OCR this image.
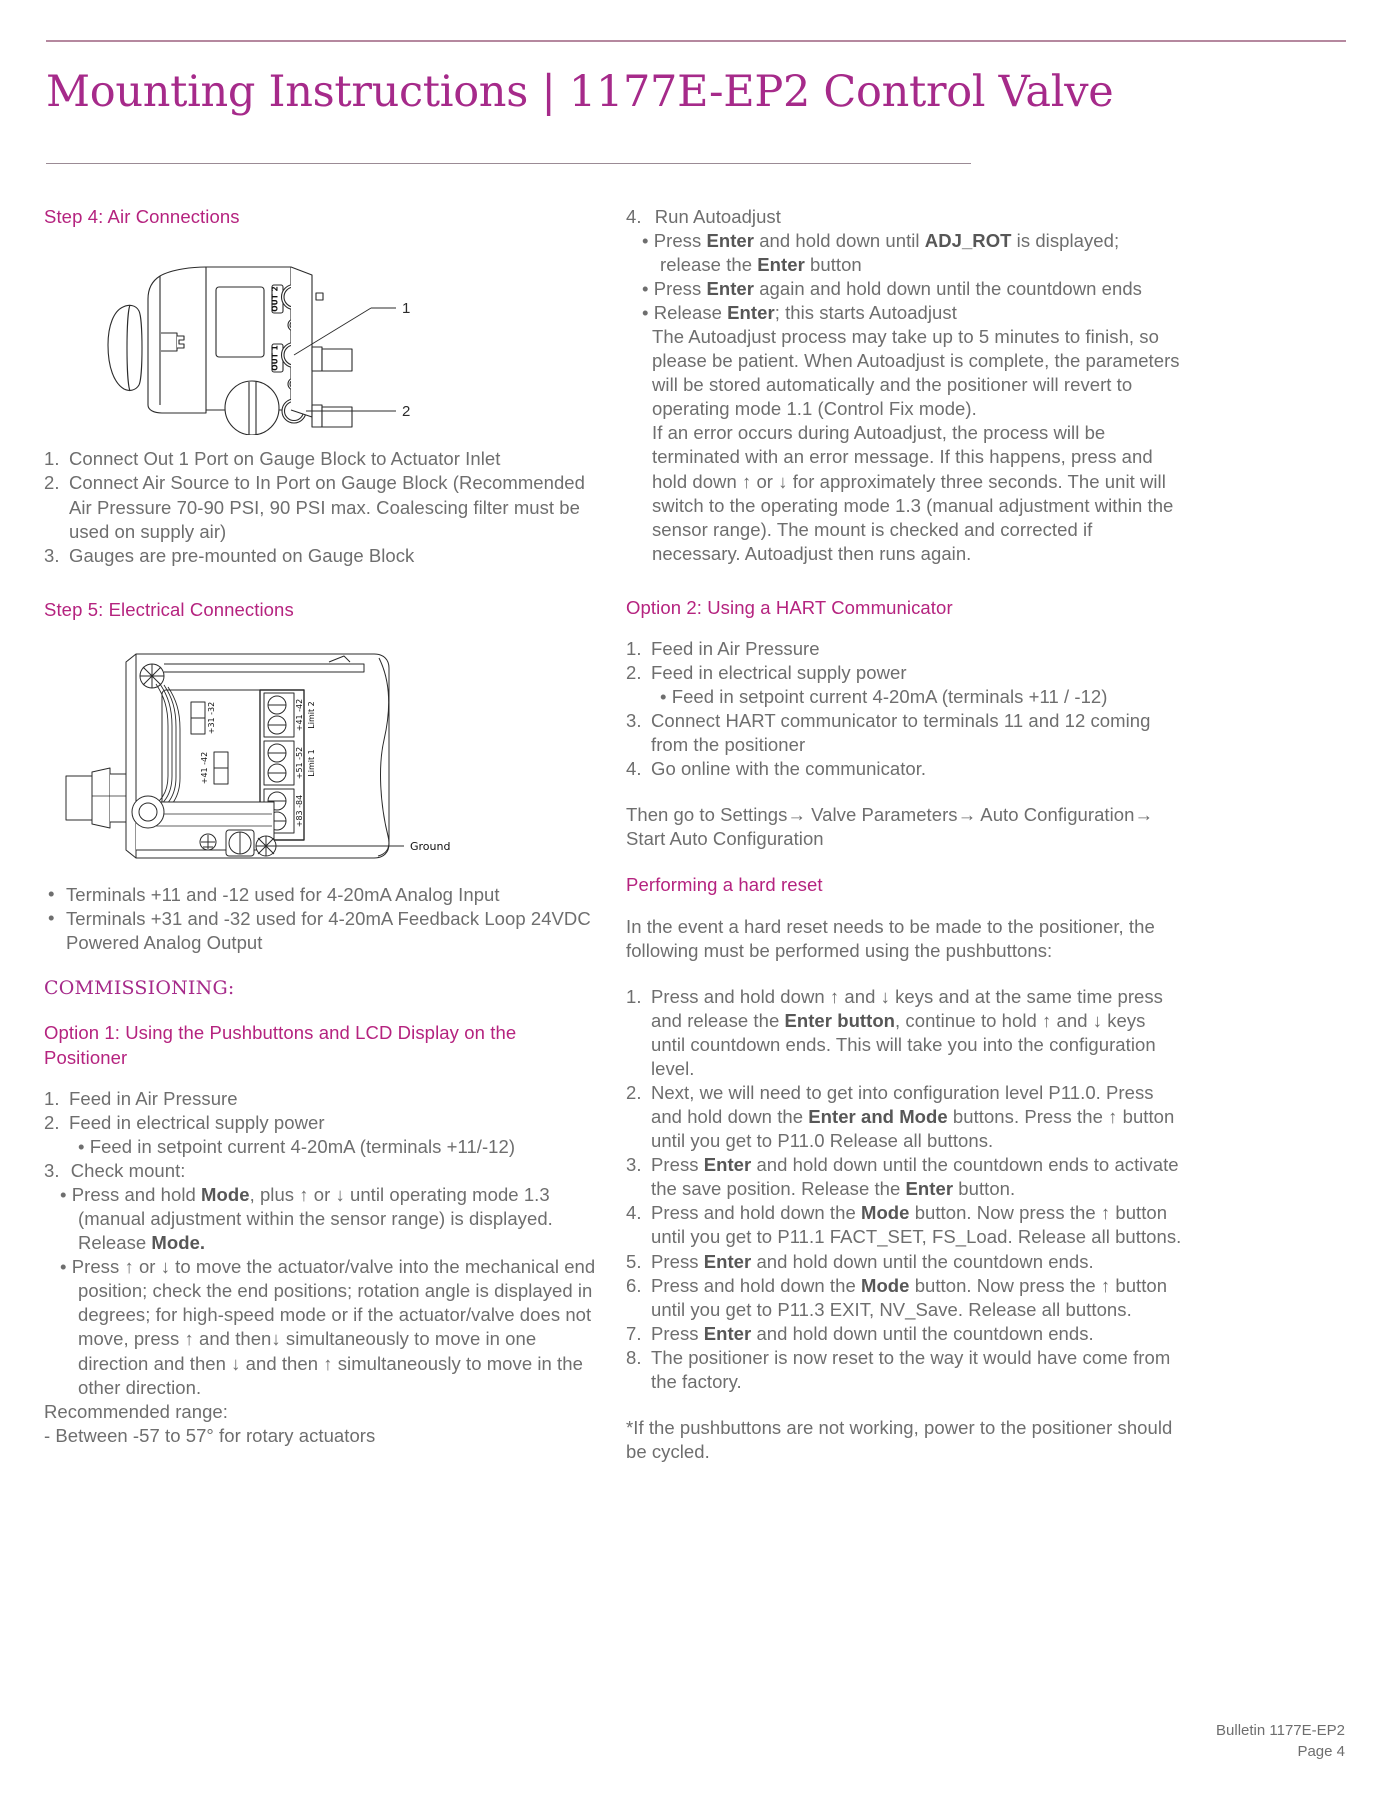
Mounting Instructions | 1177E-EP2 Control Valve
Step 4: Air Connections
OUT 2
OUT 1
1
2
1. Connect Out 1 Port on Gauge Block to Actuator Inlet
2. Connect Air Source to In Port on Gauge Block (Recommended Air Pressure 70-90 PSI, 90 PSI max. Coalescing filter must be used on supply air)
3. Gauges are pre-mounted on Gauge Block
Step 5: Electrical Connections
+31 -32
+41 -42
+41 -42 Limit 2
+51 -52 Limit 1
+83 -84
Ground
• Terminals +11 and -12 used for 4-20mA Analog Input
• Terminals +31 and -32 used for 4-20mA Feedback Loop 24VDC Powered Analog Output
COMMISSIONING:
Option 1: Using the Pushbuttons and LCD Display on the Positioner
1. Feed in Air Pressure
2. Feed in electrical supply power

• Feed in setpoint current 4-20mA (terminals +11/-12)

3. Check mount:

• Press and hold Mode, plus ↑ or ↓ until operating mode 1.3 (manual adjustment within the sensor range) is displayed. Release Mode.

• Press ↑ or ↓ to move the actuator/valve into the mechanical end position; check the end positions; rotation angle is displayed in degrees; for high-speed mode or if the actuator/valve does not move, press ↑ and then↓ simultaneously to move in one direction and then ↓ and then ↑ simultaneously to move in the other direction.

Recommended range:

- Between -57 to 57° for rotary actuators

4. Run Autoadjust

• Press Enter and hold down until ADJ_ROT is displayed; release the Enter button

• Press Enter again and hold down until the countdown ends

• Release Enter; this starts Autoadjust

The Autoadjust process may take up to 5 minutes to finish, so please be patient. When Autoadjust is complete, the parameters will be stored automatically and the positioner will revert to operating mode 1.1 (Control Fix mode).

If an error occurs during Autoadjust, the process will be terminated with an error message. If this happens, press and hold down ↑ or ↓ for approximately three seconds. The unit will switch to the operating mode 1.3 (manual adjustment within the sensor range). The mount is checked and corrected if necessary. Autoadjust then runs again.

Option 2: Using a HART Communicator
1. Feed in Air Pressure
2. Feed in electrical supply power

• Feed in setpoint current 4-20mA (terminals +11 / -12)

3. Connect HART communicator to terminals 11 and 12 coming from the positioner
4. Go online with the communicator.

Then go to Settings→ Valve Parameters→ Auto Configuration→ Start Auto Configuration

Performing a hard reset

In the event a hard reset needs to be made to the positioner, the following must be performed using the pushbuttons:

1. Press and hold down ↑ and ↓ keys and at the same time press and release the Enter button, continue to hold ↑ and ↓ keys until countdown ends. This will take you into the configuration level.
2. Next, we will need to get into configuration level P11.0. Press and hold down the Enter and Mode buttons. Press the ↑ button until you get to P11.0 Release all buttons.
3. Press Enter and hold down until the countdown ends to activate the save position. Release the Enter button.
4. Press and hold down the Mode button. Now press the ↑ button until you get to P11.1 FACT_SET, FS_Load. Release all buttons.
5. Press Enter and hold down until the countdown ends.
6. Press and hold down the Mode button. Now press the ↑ button until you get to P11.3 EXIT, NV_Save. Release all buttons.
7. Press Enter and hold down until the countdown ends.
8. The positioner is now reset to the way it would have come from the factory.

*If the pushbuttons are not working, power to the positioner should be cycled.

Bulletin 1177E-EP2
Page 4
